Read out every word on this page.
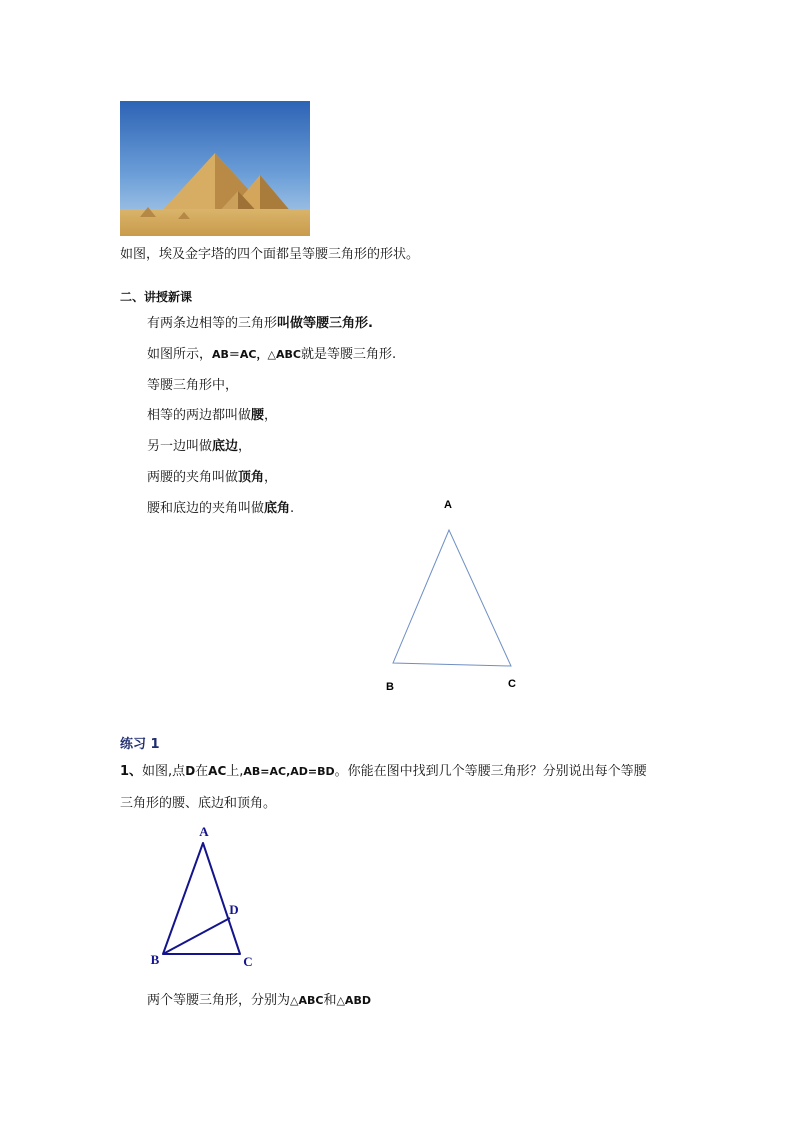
如图，埃及金字塔的四个面都呈等腰三角形的形状。
二、讲授新课
有两条边相等的三角形叫做等腰三角形.
如图所示，AB＝AC，△ABC就是等腰三角形.
等腰三角形中，
相等的两边都叫做腰，
另一边叫做底边，
两腰的夹角叫做顶角，
腰和底边的夹角叫做底角.	A
B	C
练习 1
1、如图,点D在AC上,AB=AC,AD=BD。你能在图中找到几个等腰三角形？分别说出每个等腰
三角形的腰、底边和顶角。
A
B	C
D
两个等腰三角形，分别为△ABC和△ABD
